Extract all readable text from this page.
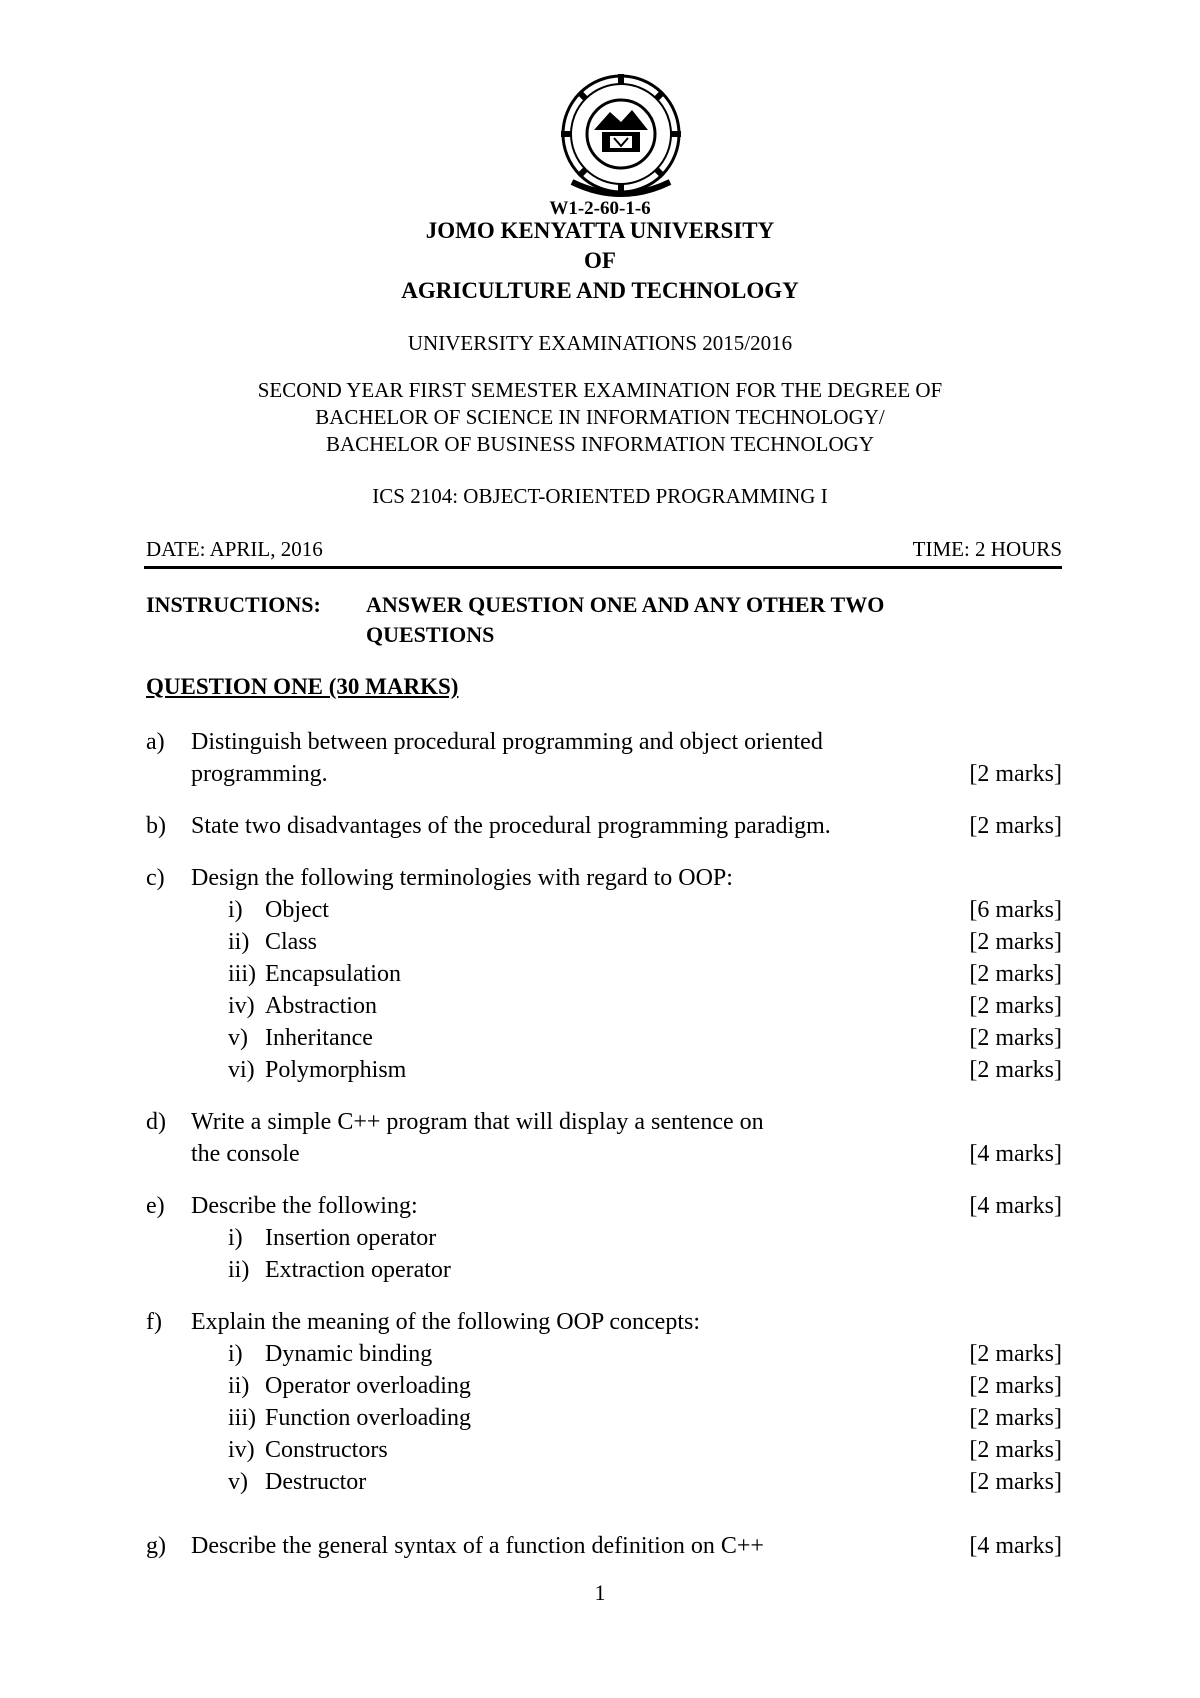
W1-2-60-1-6
JOMO KENYATTA UNIVERSITY
OF
AGRICULTURE AND TECHNOLOGY
UNIVERSITY EXAMINATIONS 2015/2016
SECOND YEAR FIRST SEMESTER EXAMINATION FOR THE DEGREE OF
BACHELOR OF SCIENCE IN INFORMATION TECHNOLOGY/
BACHELOR OF BUSINESS INFORMATION TECHNOLOGY
ICS 2104: OBJECT-ORIENTED PROGRAMMING I
DATE: APRIL, 2016	TIME: 2 HOURS
INSTRUCTIONS: ANSWER QUESTION ONE AND ANY OTHER TWO
QUESTIONS
QUESTION ONE (30 MARKS)
a) Distinguish between procedural programming and object oriented
programming.	[2 marks]
b) State two disadvantages of the procedural programming paradigm.	[2 marks]
c) Design the following terminologies with regard to OOP:
i) Object	[6 marks]
ii) Class	[2 marks]
iii) Encapsulation	[2 marks]
iv) Abstraction	[2 marks]
v) Inheritance	[2 marks]
vi) Polymorphism	[2 marks]
d) Write a simple C++ program that will display a sentence on
the console	[4 marks]
e) Describe the following:	[4 marks]
i) Insertion operator
ii) Extraction operator
f) Explain the meaning of the following OOP concepts:
i) Dynamic binding	[2 marks]
ii) Operator overloading	[2 marks]
iii) Function overloading	[2 marks]
iv) Constructors	[2 marks]
v) Destructor	[2 marks]
g) Describe the general syntax of a function definition on C++	[4 marks]
1
